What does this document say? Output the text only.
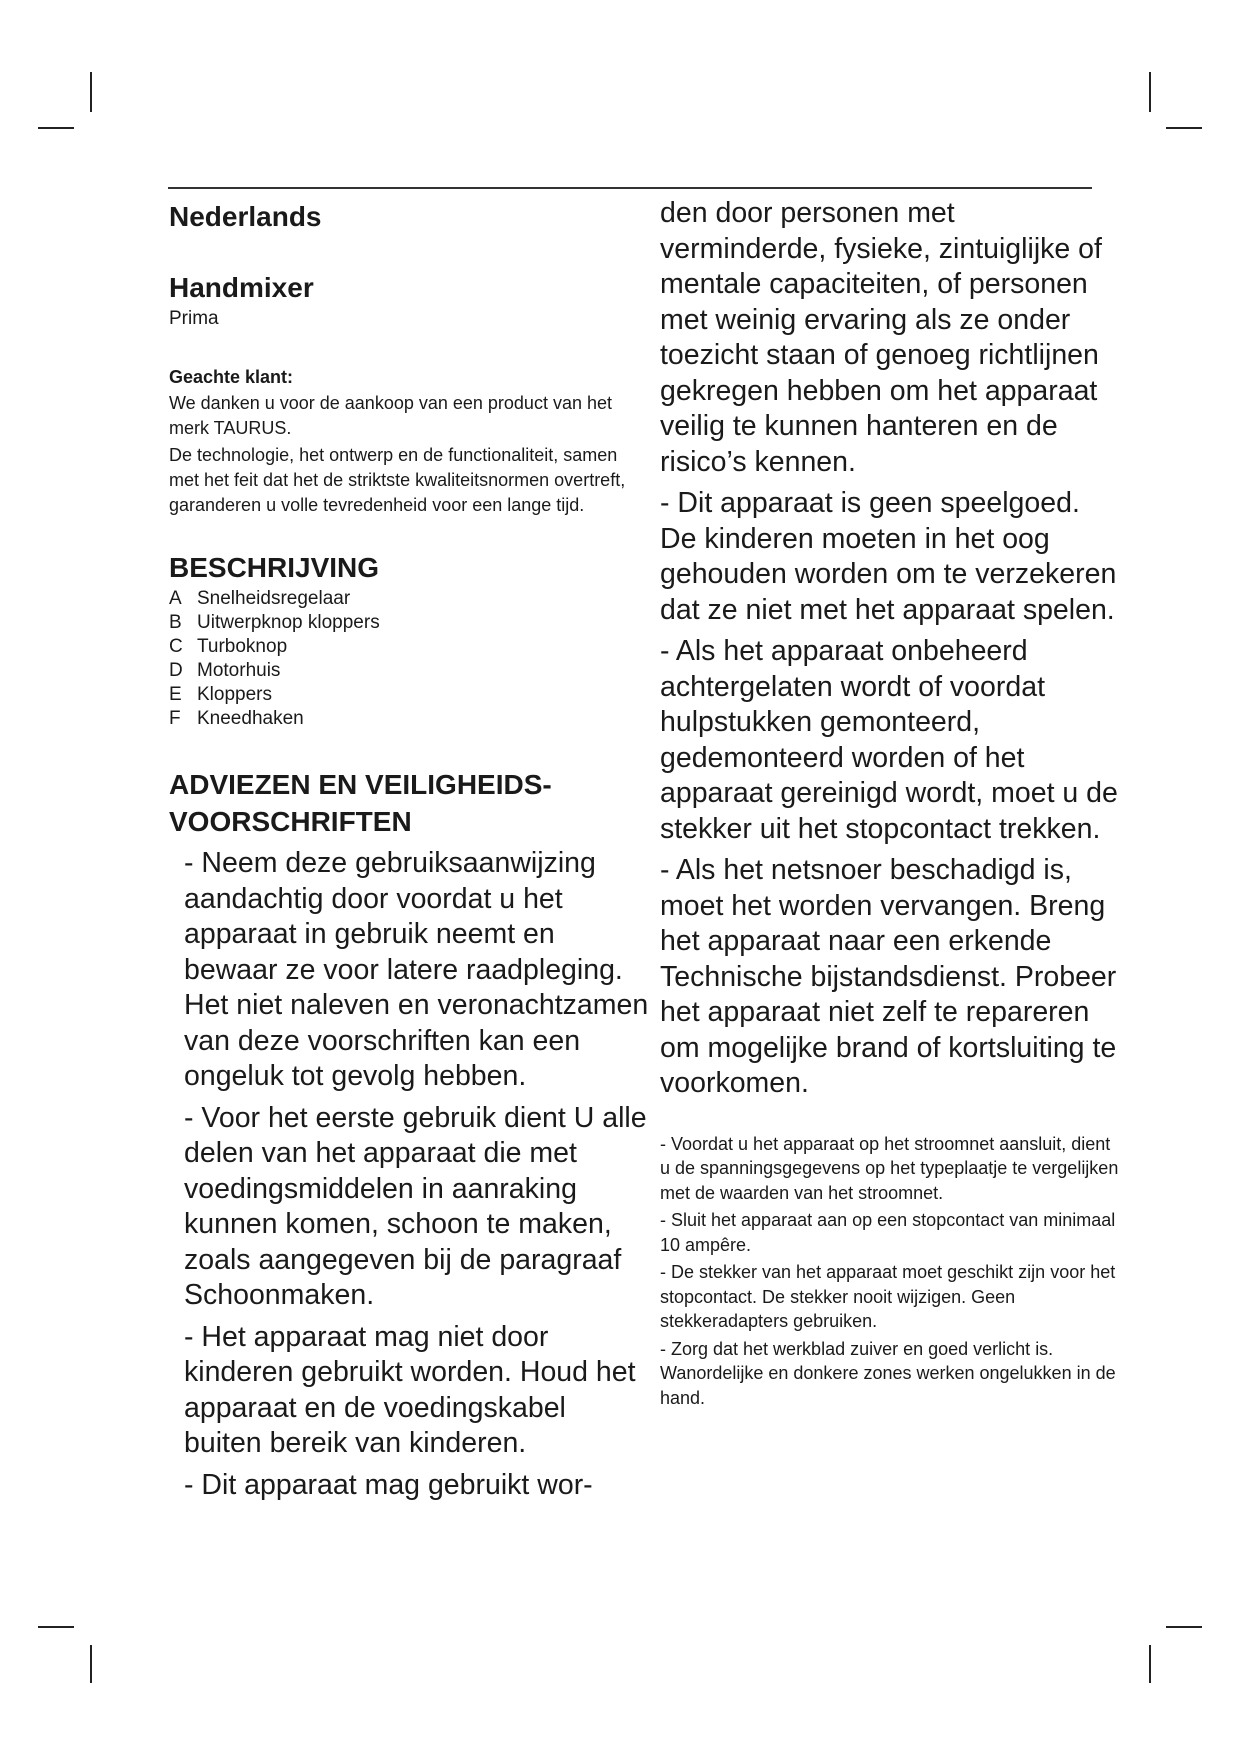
Nederlands
Handmixer

Prima

Geachte klant:

We danken u voor de aankoop van een product van het merk TAURUS.

De technologie, het ontwerp en de functionaliteit, samen met het feit dat het de striktste kwaliteitsnormen overtreft, garanderen u volle tevredenheid voor een lange tijd.

BESCHRIJVING
A Snelheidsregelaar
B Uitwerpknop kloppers
C Turboknop
D Motorhuis
E Kloppers
F Kneedhaken
ADVIEZEN EN VEILIGHEIDS-
VOORSCHRIFTEN

- Neem deze gebruiksaanwijzing aandachtig door voordat u het apparaat in gebruik neemt en bewaar ze voor latere raadpleging. Het niet naleven en veronachtzamen van deze voorschriften kan een ongeluk tot gevolg hebben.

- Voor het eerste gebruik dient U alle delen van het apparaat die met voedingsmiddelen in aanraking kunnen komen, schoon te maken, zoals aangegeven bij de paragraaf Schoonmaken.

- Het apparaat mag niet door kinderen gebruikt worden. Houd het apparaat en de voedingskabel buiten bereik van kinderen.

- Dit apparaat mag gebruikt wor-

den door personen met verminderde, fysieke, zintuiglijke of mentale capaciteiten, of personen met weinig ervaring als ze onder toezicht staan of genoeg richtlijnen gekregen hebben om het apparaat veilig te kunnen hanteren en de risico’s kennen.

- Dit apparaat is geen speelgoed. De kinderen moeten in het oog gehouden worden om te verzekeren dat ze niet met het apparaat spelen.

- Als het apparaat onbeheerd achtergelaten wordt of voordat hulpstukken gemonteerd, gedemonteerd worden of het apparaat gereinigd wordt, moet u de stekker uit het stopcontact trekken.

- Als het netsnoer beschadigd is, moet het worden vervangen. Breng het apparaat naar een erkende Technische bijstandsdienst. Probeer het apparaat niet zelf te repareren om mogelijke brand of kortsluiting te voorkomen.

- Voordat u het apparaat op het stroomnet aansluit, dient u de spanningsgegevens op het typeplaatje te vergelijken met de waarden van het stroomnet.

- Sluit het apparaat aan op een stopcontact van minimaal 10 ampêre.

- De stekker van het apparaat moet geschikt zijn voor het stopcontact. De stekker nooit wijzigen. Geen stekkeradapters gebruiken.

- Zorg dat het werkblad zuiver en goed verlicht is. Wanordelijke en donkere zones werken ongelukken in de hand.
